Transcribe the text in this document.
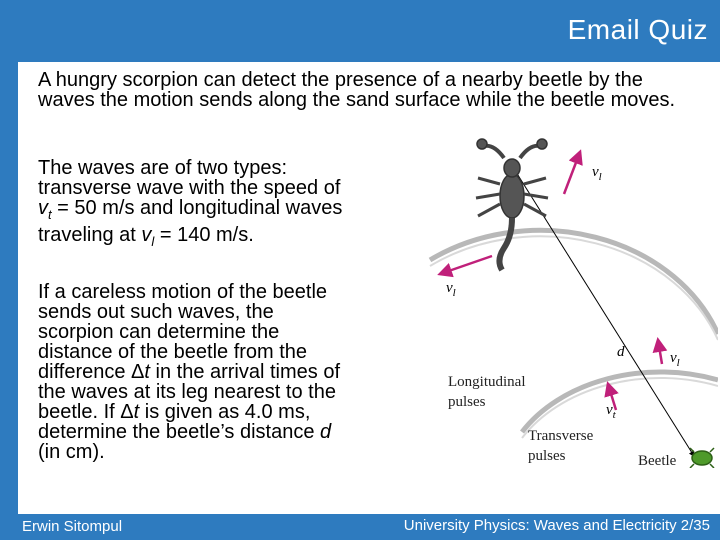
Email Quiz
A hungry scorpion can detect the presence of a nearby beetle by the waves the motion sends along the sand surface while the beetle moves.
The waves are of two types:
transverse wave with the speed of
$v_t = 50$ m/s and longitudinal waves
traveling at $v_l = 140$ m/s.
If a careless motion of the beetle
sends out such waves, the
scorpion can determine the
distance of the beetle from the
difference Δt in the arrival times of
the waves at its leg nearest to the
beetle. If Δt is given as 4.0 ms,
determine the beetle’s distance d
(in cm).
d
$v_l$
$v_l$
$v_l$
$v_t$
Longitudinal
pulses
Transverse
pulses	Beetle
Erwin Sitompul	University Physics: Waves and Electricity 2/35
